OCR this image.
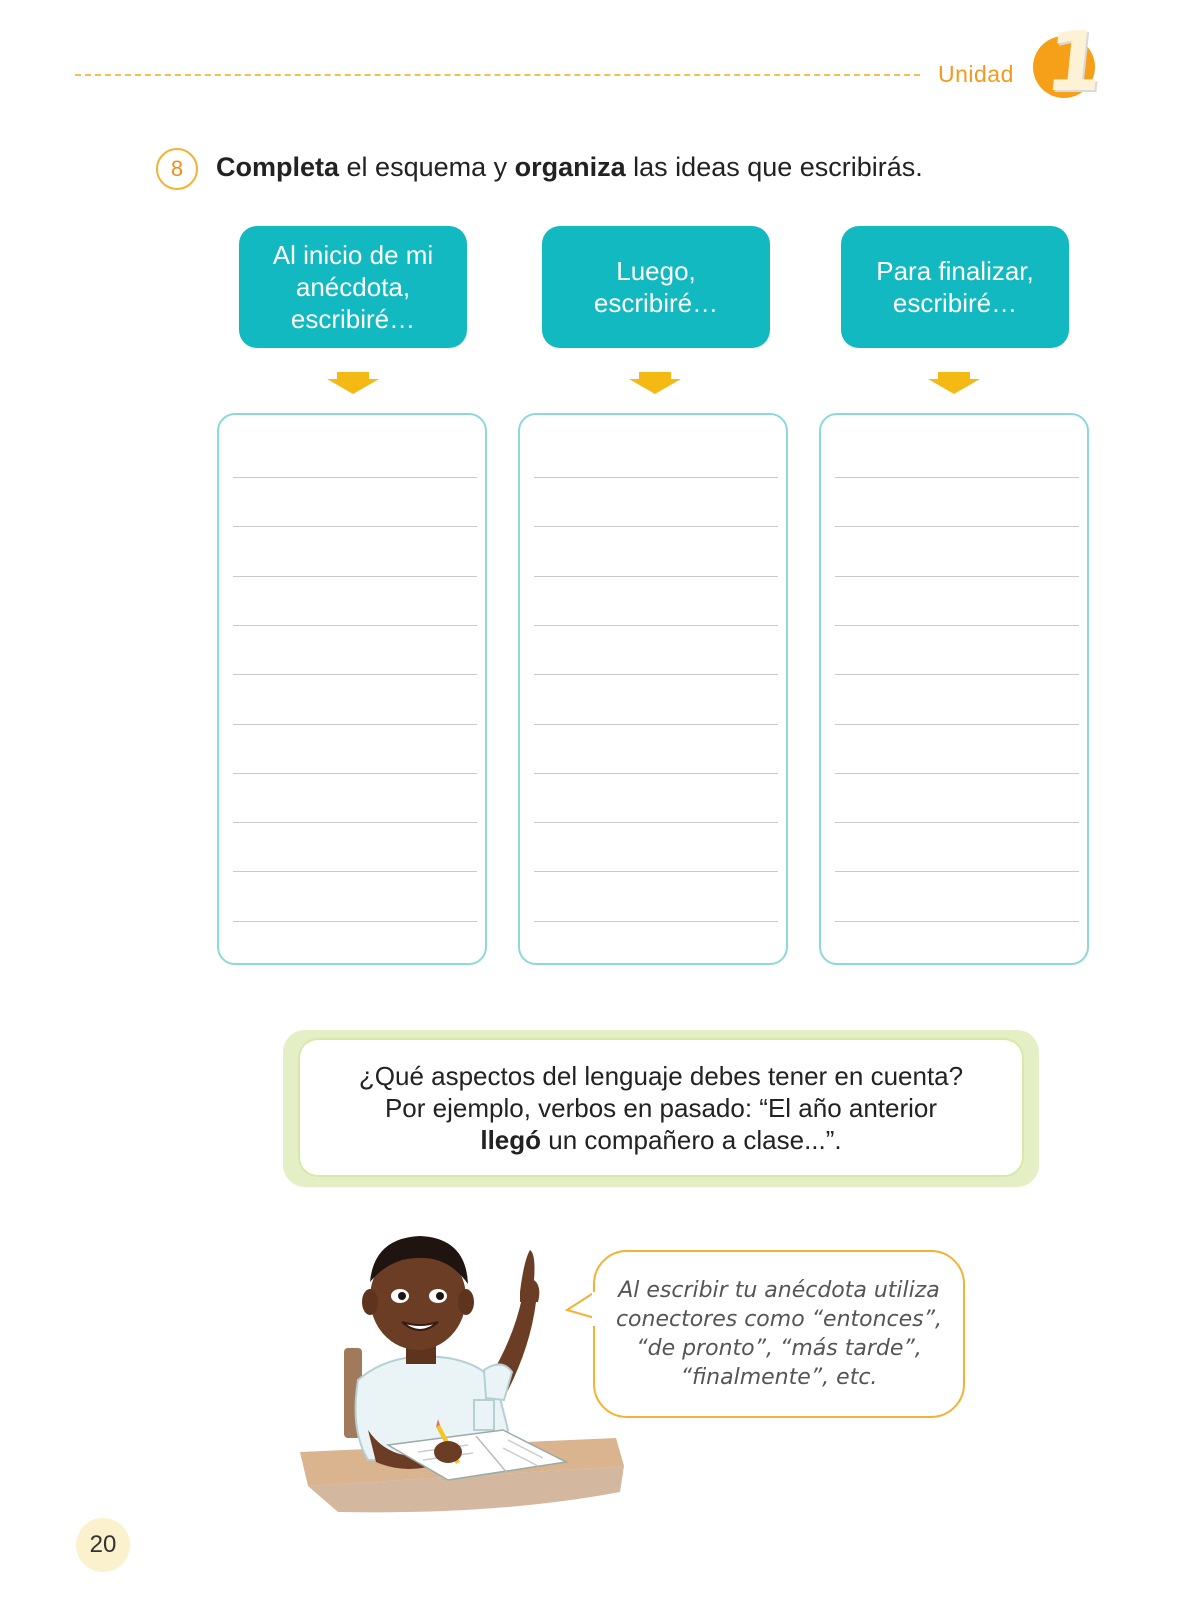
Unidad 1
8	Completa el esquema y organiza las ideas que escribirás.
Al inicio de mi anécdota, escribiré…
Luego, escribiré…
Para finalizar, escribiré…
¿Qué aspectos del lenguaje debes tener en cuenta?
Por ejemplo, verbos en pasado: “El año anterior
llegó un compañero a clase...”.
Al escribir tu anécdota utiliza conectores como “entonces”, “de pronto”, “más tarde”, “finalmente”, etc.
20
